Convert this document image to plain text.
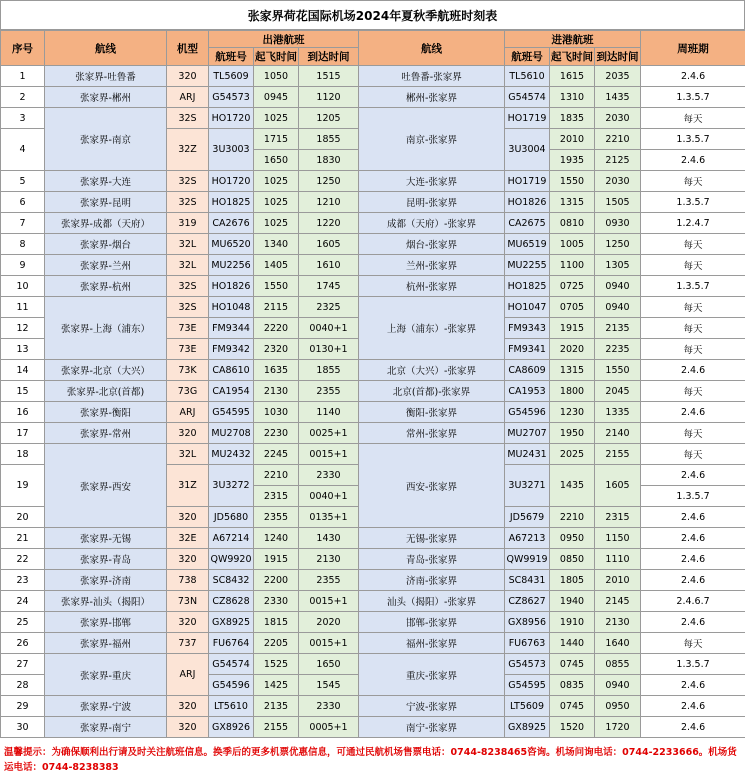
张家界荷花国际机场2024年夏秋季航班时刻表
序号	航线	机型	出港航班			航线	进港航班			周班期
			航班号	起飞时间	到达时间		航班号	起飞时间	到达时间	
1	张家界-吐鲁番	320	TL5609	1050	1515	吐鲁番-张家界	TL5610	1615	2035	2.4.6
2	张家界-郴州	ARJ	G54573	0945	1120	郴州-张家界	G54574	1310	1435	1.3.5.7
3	张家界-南京	32S	HO1720	1025	1205	南京-张家界	HO1719	1835	2030	每天
4		32Z	3U3003	1715	1855		3U3004	2010	2210	1.3.5.7
				1650	1830			1935	2125	2.4.6
5	张家界-大连	32S	HO1720	1025	1250	大连-张家界	HO1719	1550	2030	每天
6	张家界-昆明	32S	HO1825	1025	1210	昆明-张家界	HO1826	1315	1505	1.3.5.7
7	张家界-成都（天府）	319	CA2676	1025	1220	成都（天府）-张家界	CA2675	0810	0930	1.2.4.7
8	张家界-烟台	32L	MU6520	1340	1605	烟台-张家界	MU6519	1005	1250	每天
9	张家界-兰州	32L	MU2256	1405	1610	兰州-张家界	MU2255	1100	1305	每天
10	张家界-杭州	32S	HO1826	1550	1745	杭州-张家界	HO1825	0725	0940	1.3.5.7
11	张家界-上海（浦东）	32S	HO1048	2115	2325	上海（浦东）-张家界	HO1047	0705	0940	每天
12		73E	FM9344	2220	0040+1		FM9343	1915	2135	每天
13		73E	FM9342	2320	0130+1		FM9341	2020	2235	每天
14	张家界-北京（大兴）	73K	CA8610	1635	1855	北京（大兴）-张家界	CA8609	1315	1550	2.4.6
15	张家界-北京(首都)	73G	CA1954	2130	2355	北京(首都)-张家界	CA1953	1800	2045	每天
16	张家界-衡阳	ARJ	G54595	1030	1140	衡阳-张家界	G54596	1230	1335	2.4.6
17	张家界-常州	320	MU2708	2230	0025+1	常州-张家界	MU2707	1950	2140	每天
18	张家界-西安	32L	MU2432	2245	0015+1	西安-张家界	MU2431	2025	2155	每天
19		31Z	3U3272	2210	2330		3U3271	1435	1605	2.4.6
				2315	0040+1					1.3.5.7
20		320	JD5680	2355	0135+1		JD5679	2210	2315	2.4.6
21	张家界-无锡	32E	A67214	1240	1430	无锡-张家界	A67213	0950	1150	2.4.6
22	张家界-青岛	320	QW9920	1915	2130	青岛-张家界	QW9919	0850	1110	2.4.6
23	张家界-济南	738	SC8432	2200	2355	济南-张家界	SC8431	1805	2010	2.4.6
24	张家界-汕头（揭阳）	73N	CZ8628	2330	0015+1	汕头（揭阳）-张家界	CZ8627	1940	2145	2.4.6.7
25	张家界-邯郸	320	GX8925	1815	2020	邯郸-张家界	GX8956	1910	2130	2.4.6
26	张家界-福州	737	FU6764	2205	0015+1	福州-张家界	FU6763	1440	1640	每天
27	张家界-重庆	ARJ	G54574	1525	1650	重庆-张家界	G54573	0745	0855	1.3.5.7
28			G54596	1425	1545		G54595	0835	0940	2.4.6
29	张家界-宁波	320	LT5610	2135	2330	宁波-张家界	LT5609	0745	0950	2.4.6
30	张家界-南宁	320	GX8926	2155	0005+1	南宁-张家界	GX8925	1520	1720	2.4.6
温馨提示：为确保顺利出行请及时关注航班信息。换季后的更多机票优惠信息，可通过民航机场售票电话：0744-8238465咨询。机场问询电话：0744-2233666。机场货运电话：0744-8238383
